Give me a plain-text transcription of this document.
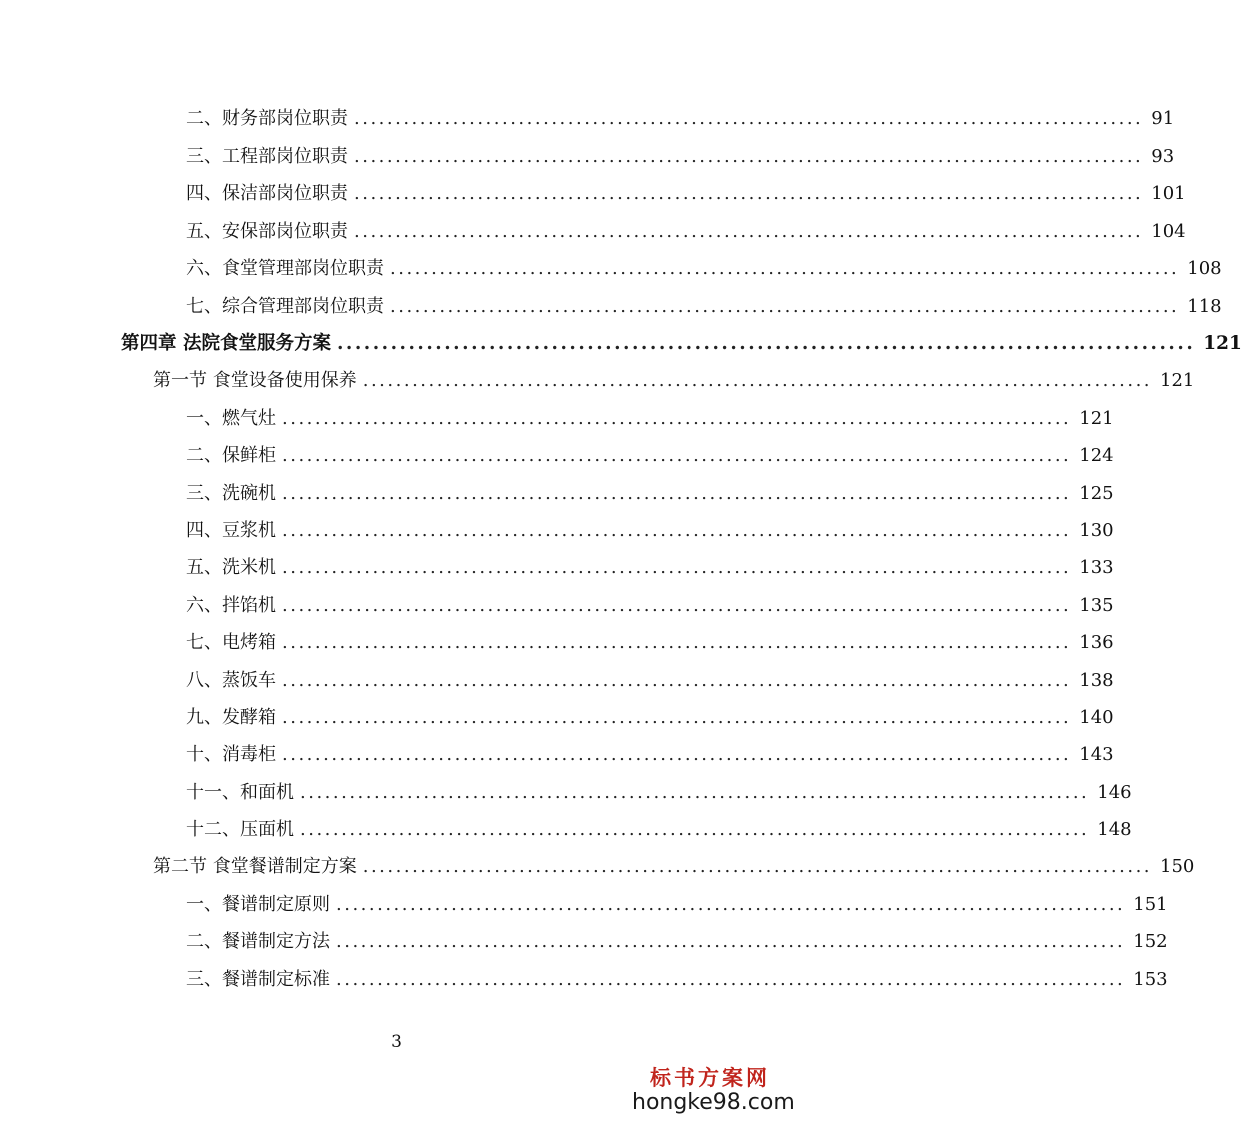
二、财务部岗位职责 ................................................................................................ 91
三、工程部岗位职责 ................................................................................................ 93
四、保洁部岗位职责 ................................................................................................ 101
五、安保部岗位职责 ................................................................................................ 104
六、食堂管理部岗位职责 ................................................................................................ 108
七、综合管理部岗位职责 ................................................................................................ 118
第四章 法院食堂服务方案 ................................................................................................ 121
第一节 食堂设备使用保养 ................................................................................................ 121
一、燃气灶 ................................................................................................ 121
二、保鲜柜 ................................................................................................ 124
三、洗碗机 ................................................................................................ 125
四、豆浆机 ................................................................................................ 130
五、洗米机 ................................................................................................ 133
六、拌馅机 ................................................................................................ 135
七、电烤箱 ................................................................................................ 136
八、蒸饭车 ................................................................................................ 138
九、发酵箱 ................................................................................................ 140
十、消毒柜 ................................................................................................ 143
十一、和面机 ................................................................................................ 146
十二、压面机 ................................................................................................ 148
第二节 食堂餐谱制定方案 ................................................................................................ 150
一、餐谱制定原则 ................................................................................................ 151
二、餐谱制定方法 ................................................................................................ 152
三、餐谱制定标准 ................................................................................................ 153
3
标书方案网
hongke98.com
